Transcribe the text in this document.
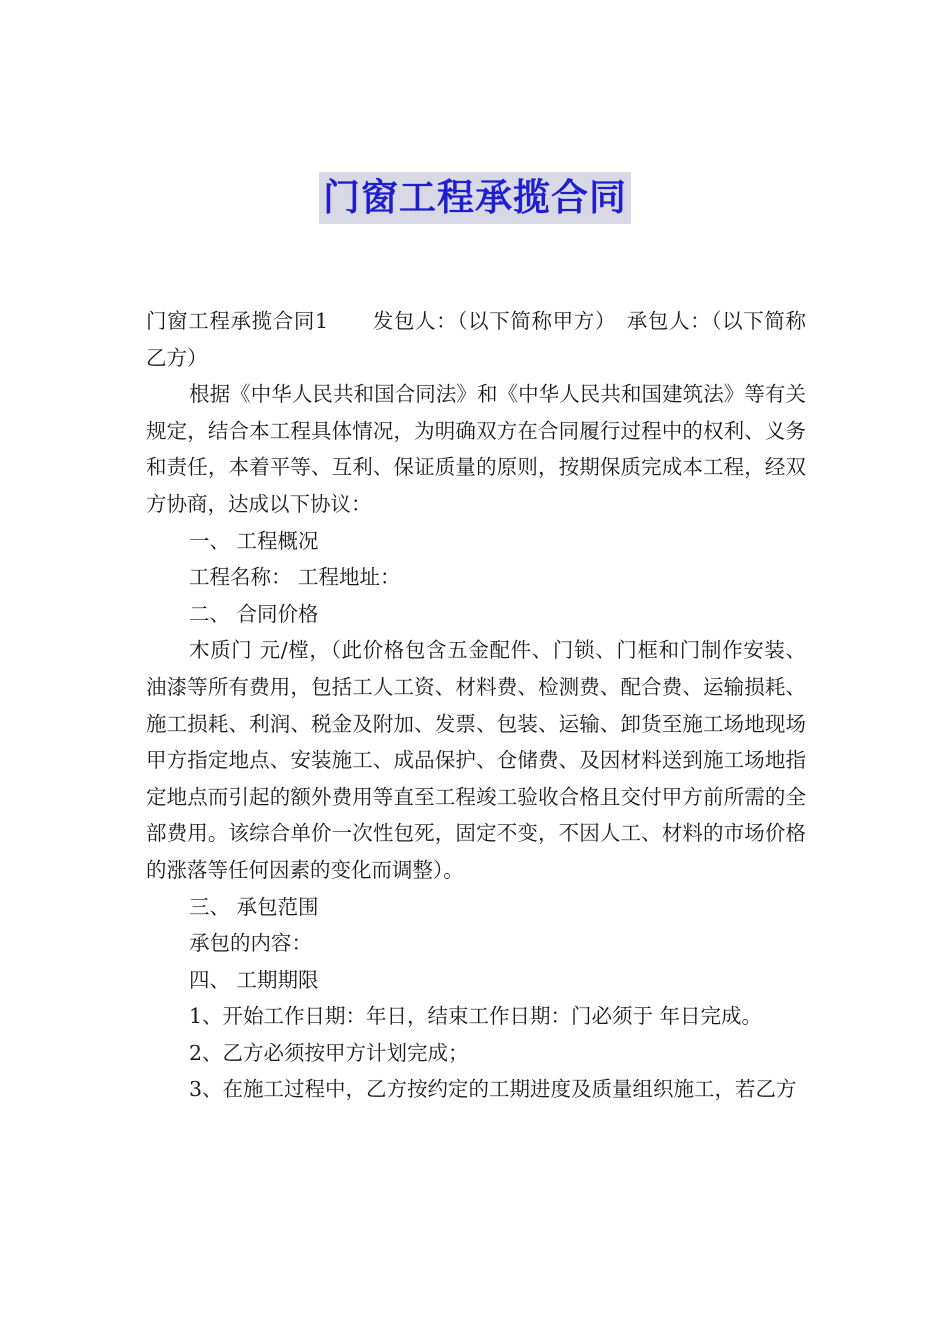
门窗工程承揽合同

门窗工程承揽合同1 发包人：（以下简称甲方） 承包人：（以下简称乙方）

根据《中华人民共和国合同法》和《中华人民共和国建筑法》等有关规定，结合本工程具体情况，为明确双方在合同履行过程中的权利、义务和责任，本着平等、互利、保证质量的原则，按期保质完成本工程，经双方协商，达成以下协议：

一、 工程概况

工程名称： 工程地址：

二、 合同价格

木质门 元/樘，（此价格包含五金配件、门锁、门框和门制作安装、油漆等所有费用，包括工人工资、材料费、检测费、配合费、运输损耗、施工损耗、利润、税金及附加、发票、包装、运输、卸货至施工场地现场甲方指定地点、安装施工、成品保护、仓储费、及因材料送到施工场地指定地点而引起的额外费用等直至工程竣工验收合格且交付甲方前所需的全部费用。该综合单价一次性包死，固定不变，不因人工、材料的市场价格的涨落等任何因素的变化而调整）。

三、 承包范围

承包的内容：

四、 工期期限

1、开始工作日期：年日，结束工作日期：门必须于 年日完成。

2、乙方必须按甲方计划完成；

3、在施工过程中，乙方按约定的工期进度及质量组织施工，若乙方
